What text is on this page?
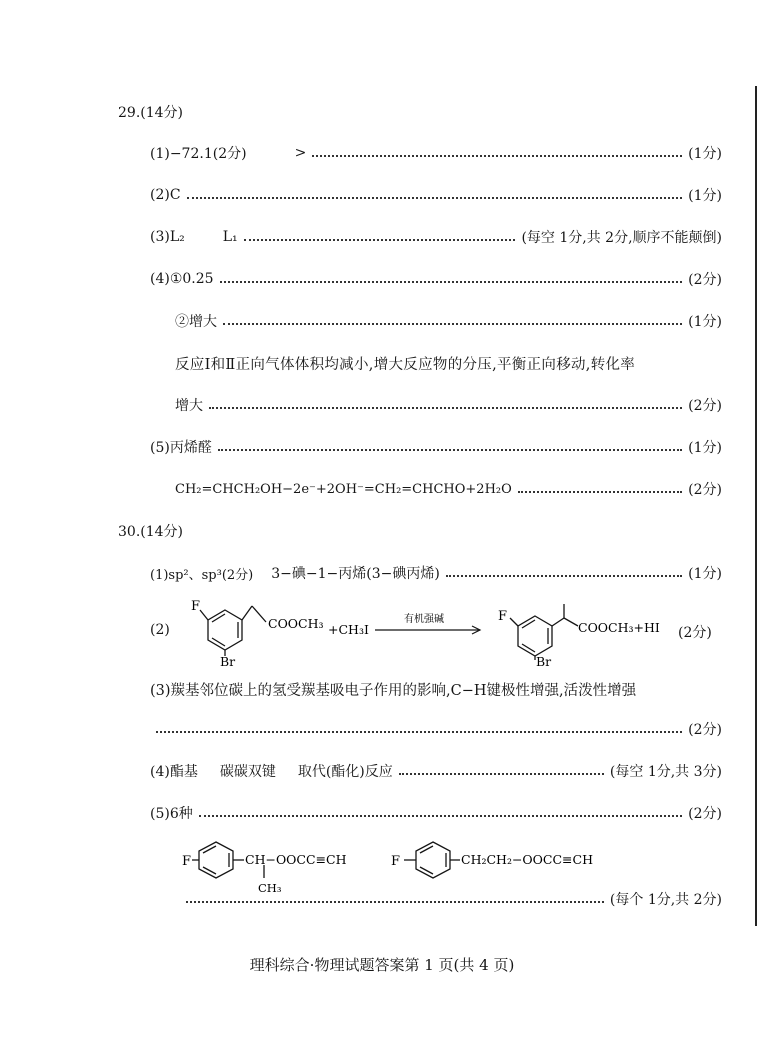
29.(14分)
(1)−72.1(2分)	>	(1分)
(2)C	(1分)
(3)L₂	L₁	(每空 1分,共 2分,顺序不能颠倒)
(4)①0.25	(2分)
②增大	(1分)
反应Ⅰ和Ⅱ正向气体体积均减小,增大反应物的分压,平衡正向移动,转化率
增大	(2分)
(5)丙烯醛	(1分)
CH₂=CHCH₂OH−2e⁻+2OH⁻=CH₂=CHCHO+2H₂O	(2分)
30.(14分)
(1)sp²、sp³(2分) 3−碘−1−丙烯(3−碘丙烯)	(1分)
(2)
F
COOCH₃ +CH₃I
Br
有机强碱	F
COOCH₃+HI
Br
(2分)
(3)羰基邻位碳上的氢受羰基吸电子作用的影响,C−H键极性增强,活泼性增强
(2分)
(4)酯基 碳碳双键 取代(酯化)反应	(每空 1分,共 3分)
(5)6种	(2分)
F	CH−OOCC≡CH
CH₃
F	CH₂CH₂−OOCC≡CH
(每个 1分,共 2分)
理科综合·物理试题答案第 1 页(共 4 页)
